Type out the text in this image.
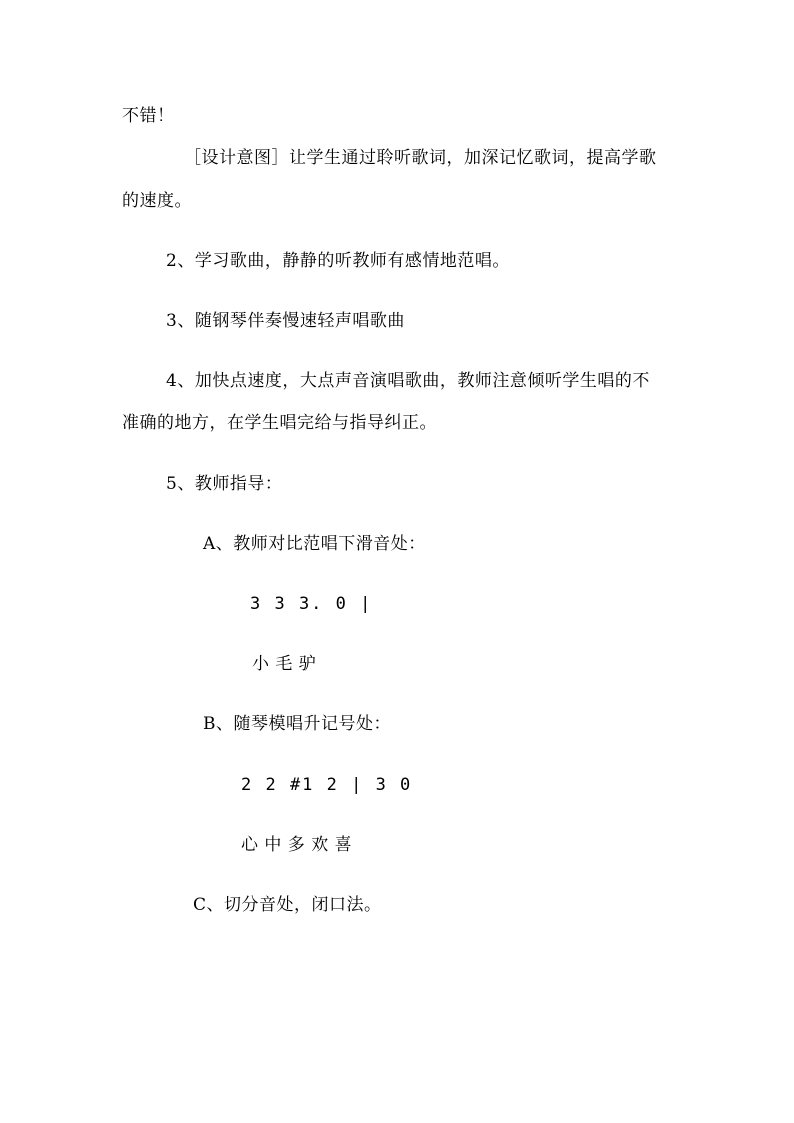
不错！
［设计意图］让学生通过聆听歌词，加深记忆歌词，提高学歌
的速度。
2、学习歌曲，静静的听教师有感情地范唱。
3、随钢琴伴奏慢速轻声唱歌曲
4、加快点速度，大点声音演唱歌曲，教师注意倾听学生唱的不
准确的地方，在学生唱完给与指导纠正。
5、教师指导：
A、教师对比范唱下滑音处：
3 3 3. 0 |
小 毛 驴
B、随琴模唱升记号处：
2 2 #1 2 | 3 0
心 中 多 欢 喜
C、切分音处，闭口法。
